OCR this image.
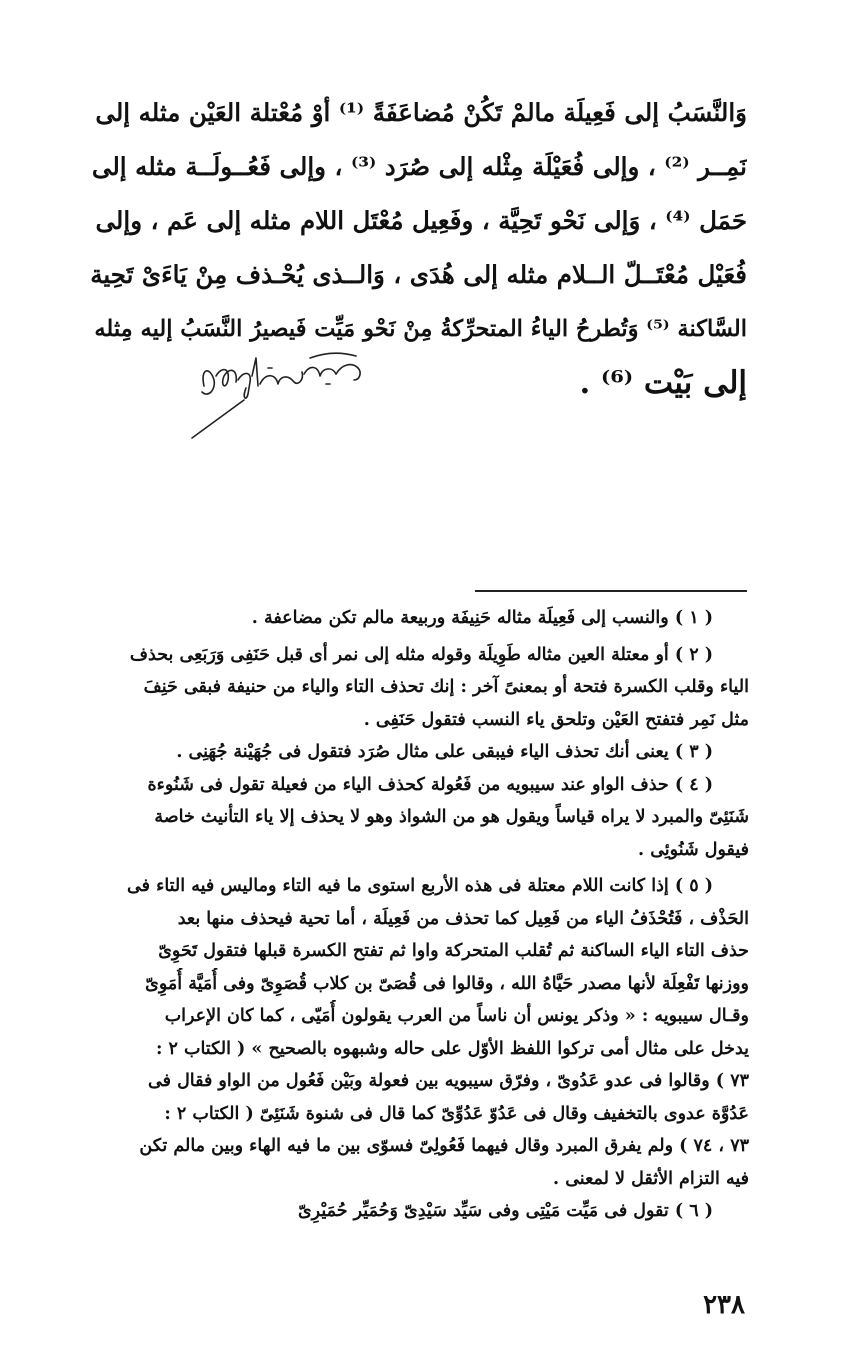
وَالنَّسَبُ إلى فَعِيلَة مالمْ تَكُنْ مُضاعَفَةً ⁽¹⁾ أوْ مُعْتلة العَيْن مثله إلى
نَمِــر ⁽²⁾ ، وإلى فُعَيْلَة مِثْله إلى صُرَد ⁽³⁾ ، وإلى فَعُــولَــة مثله إلى
حَمَل ⁽⁴⁾ ، وَإلى نَحْو تَحِيَّة ، وفَعِيل مُعْتَل اللام مثله إلى عَم ، وإلى
فُعَيْل مُعْتَــلّ الــلام مثله إلى هُدَى ، وَالــذى يُحْـذف مِنْ يَاءَىْ تَحِية
السَّاكنة ⁽⁵⁾ وَتُطرحُ الياءُ المتحرِّكةُ مِنْ نَحْو مَيِّت فَيصيرُ النَّسَبُ إليه مِثله
إلى بَيْت ⁽⁶⁾ .
( ١ ) والنسب إلى فَعِيلَة مثاله حَنِيفَة وربيعة مالم تكن مضاعفة .
( ٢ ) أو معتلة العين مثاله طَوِيلَة وقوله مثله إلى نمر أى قبل حَنَفِى وَرَبَعِى بحذف
الياء وقلب الكسرة فتحة أو بمعنىً آخر : إنك تحذف التاء والياء من حنيفة فبقى حَنِفَ
مثل نَمِر فتفتح العَيْن وتلحق ياء النسب فتقول حَنَفِى .
( ٣ ) يعنى أنك تحذف الياء فيبقى على مثال صُرَد فتقول فى جُهَيْنة جُهَنِى .
( ٤ ) حذف الواو عند سيبويه من فَعُولة كحذف الياء من فعيلة تقول فى شَنُوءة
شَنَئِىّ والمبرد لا يراه قياساً ويقول هو من الشواذ وهو لا يحذف إلا ياء التأنيث خاصة
فيقول شَنُوئِى .
( ٥ ) إذا كانت اللام معتلة فى هذه الأربع استوى ما فيه التاء وماليس فيه التاء فى
الحَذْف ، فَتُحْذَفُ الياء من فَعِيل كما تحذف من فَعِيلَة ، أما تحية فيحذف منها بعد
حذف التاء الياء الساكنة ثم تُقلب المتحركة واوا ثم تفتح الكسرة قبلها فتقول تَحَوِىّ
ووزنها تَفْعِلَة لأنها مصدر حَيَّاهُ الله ، وقالوا فى قُصَىّ بن كلاب قُصَوِىّ وفى أُمَيَّة أُمَوِىّ
وقـال سيبويه : « وذكر يونس أن ناساً من العرب يقولون أُمَيّى ، كما كان الإعراب
يدخل على مثال أمى تركوا اللفظ الأوّل على حاله وشبهوه بالصحيح » ( الكتاب ٢ :
٧٣ ) وقالوا فى عدو عَدُوىّ ، وفرّق سيبويه بين فعولة وبَيْن فَعُول من الواو فقال فى
عَدُوَّة عدوى بالتخفيف وقال فى عَدُوّ عَدُوِّىّ كما قال فى شنوة شَنَئِىّ ( الكتاب ٢ :
٧٣ ، ٧٤ ) ولم يفرق المبرد وقال فيهما فَعُولِىّ فسوّى بين ما فيه الهاء وبين مالم تكن
فيه التزام الأثقل لا لمعنى .
( ٦ ) تقول فى مَيِّت مَيْتِى وفى سَيِّد سَيْدِىّ وَحُمَيِّر حُمَيْرِىّ
٢٣٨
